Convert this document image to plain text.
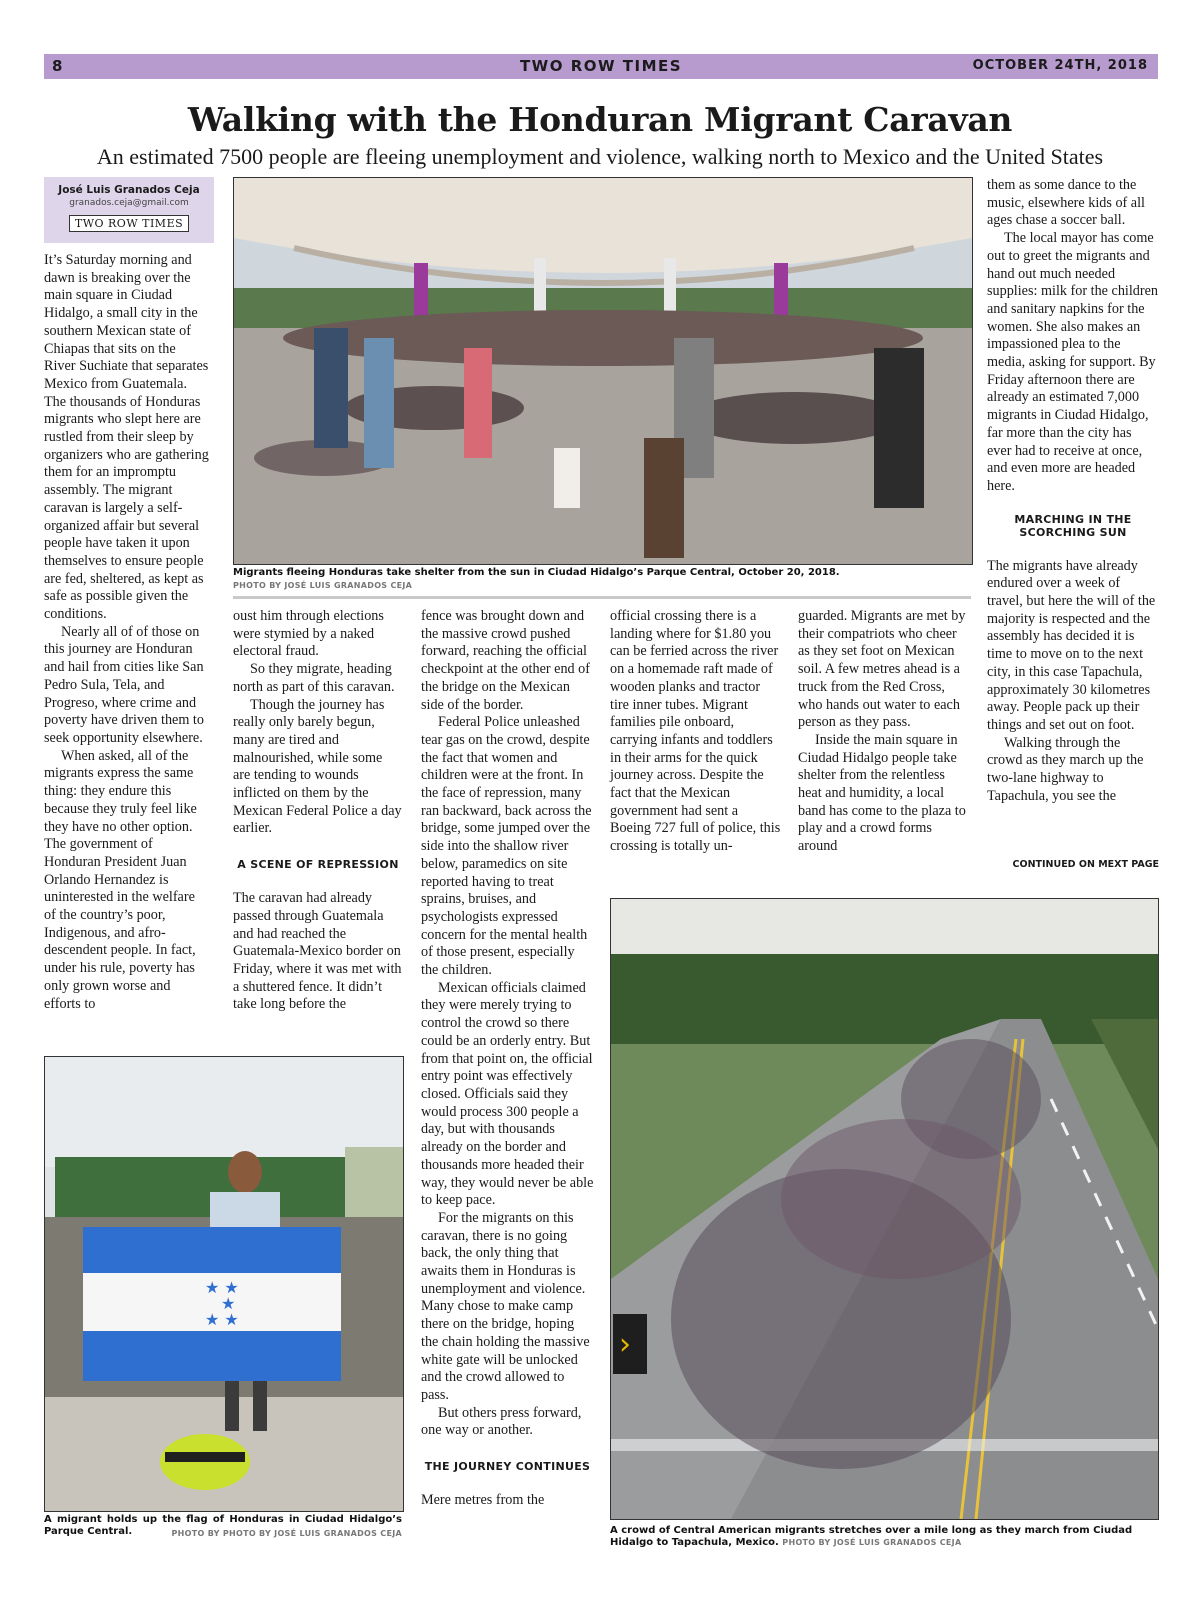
8	TWO ROW TIMES	OCTOBER 24TH, 2018
Walking with the Honduran Migrant Caravan
An estimated 7500 people are fleeing unemployment and violence, walking north to Mexico and the United States
José Luis Granados Ceja
granados.ceja@gmail.com
TWO ROW TIMES

It’s Saturday morning and dawn is breaking over the main square in Ciudad Hidalgo, a small city in the southern Mexican state of Chiapas that sits on the River Suchiate that separates Mexico from Guatemala. The thousands of Honduras migrants who slept here are rustled from their sleep by organizers who are gathering them for an impromptu assembly. The migrant caravan is largely a self-organized affair but several people have taken it upon themselves to ensure people are fed, sheltered, as kept as safe as possible given the conditions.

Nearly all of of those on this journey are Honduran and hail from cities like San Pedro Sula, Tela, and Progreso, where crime and poverty have driven them to seek opportunity elsewhere.

When asked, all of the migrants express the same thing: they endure this because they truly feel like they have no other option. The government of Honduran President Juan Orlando Hernandez is uninterested in the welfare of the country’s poor, Indigenous, and afro-descendent people. In fact, under his rule, poverty has only grown worse and efforts to

Migrants fleeing Honduras take shelter from the sun in Ciudad Hidalgo’s Parque Central, October 20, 2018.
PHOTO BY JOSÉ LUIS GRANADOS CEJA

oust him through elections were stymied by a naked electoral fraud.

So they migrate, heading north as part of this caravan.

Though the journey has really only barely begun, many are tired and malnourished, while some are tending to wounds inflicted on them by the Mexican Federal Police a day earlier.

A SCENE OF REPRESSION

The caravan had already passed through Guatemala and had reached the Guatemala-Mexico border on Friday, where it was met with a shuttered fence. It didn’t take long before the

fence was brought down and the massive crowd pushed forward, reaching the official checkpoint at the other end of the bridge on the Mexican side of the border.

Federal Police unleashed tear gas on the crowd, despite the fact that women and children were at the front. In the face of repression, many ran backward, back across the bridge, some jumped over the side into the shallow river below, paramedics on site reported having to treat sprains, bruises, and psychologists expressed concern for the mental health of those present, especially the children.

Mexican officials claimed they were merely trying to control the crowd so there could be an orderly entry. But from that point on, the official entry point was effectively closed. Officials said they would process 300 people a day, but with thousands already on the border and thousands more headed their way, they would never be able to keep pace.

For the migrants on this caravan, there is no going back, the only thing that awaits them in Honduras is unemployment and violence. Many chose to make camp there on the bridge, hoping the chain holding the massive white gate will be unlocked and the crowd allowed to pass.

But others press forward, one way or another.

THE JOURNEY CONTINUES

Mere metres from the

official crossing there is a landing where for $1.80 you can be ferried across the river on a homemade raft made of wooden planks and tractor tire inner tubes. Migrant families pile onboard, carrying infants and toddlers in their arms for the quick journey across. Despite the fact that the Mexican government had sent a Boeing 727 full of police, this crossing is totally un-

guarded. Migrants are met by their compatriots who cheer as they set foot on Mexican soil. A few metres ahead is a truck from the Red Cross, who hands out water to each person as they pass.

Inside the main square in Ciudad Hidalgo people take shelter from the relentless heat and humidity, a local band has come to the plaza to play and a crowd forms around

them as some dance to the music, elsewhere kids of all ages chase a soccer ball.

The local mayor has come out to greet the migrants and hand out much needed supplies: milk for the children and sanitary napkins for the women. She also makes an impassioned plea to the media, asking for support. By Friday afternoon there are already an estimated 7,000 migrants in Ciudad Hidalgo, far more than the city has ever had to receive at once, and even more are headed here.

MARCHING IN THE SCORCHING SUN

The migrants have already endured over a week of travel, but here the will of the majority is respected and the assembly has decided it is time to move on to the next city, in this case Tapachula, approximately 30 kilometres away. People pack up their things and set out on foot.

Walking through the crowd as they march up the two-lane highway to Tapachula, you see the

CONTINUED ON MEXT PAGE
★ ★
★
★ ★
A migrant holds up the flag of Honduras in Ciudad Hidalgo’s Parque Central.	PHOTO BY PHOTO BY JOSÉ LUIS GRANADOS CEJA
›
A crowd of Central American migrants stretches over a mile long as they march from Ciudad Hidalgo to Tapachula, Mexico. PHOTO BY JOSÉ LUIS GRANADOS CEJA
